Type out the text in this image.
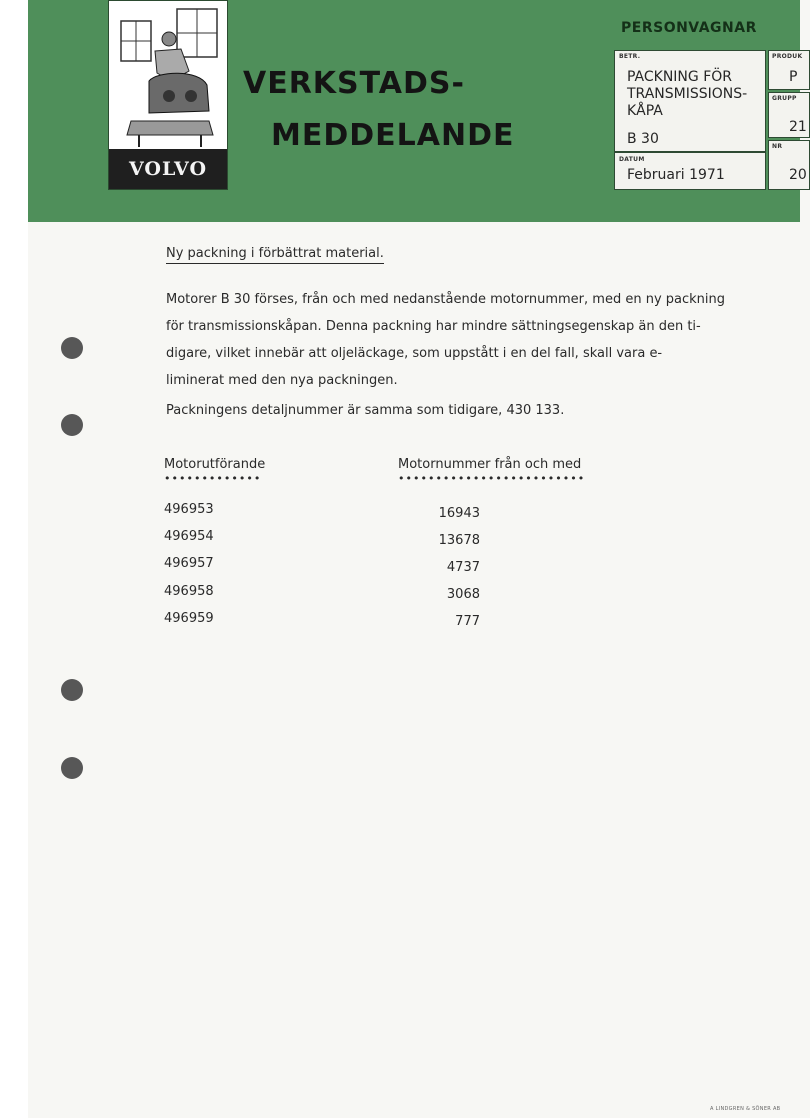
VOLVO
VERKSTADS-
MEDDELANDE
PERSONVAGNAR
BETR.
PACKNING FÖR
TRANSMISSIONS-
KÅPA
B 30
DATUM
Februari 1971
PRODUK
P
GRUPP
21
NR
20
Ny packning i förbättrat material.
Motorer B 30 förses, från och med nedanstående motornummer, med en ny packning
för transmissionskåpan. Denna packning har mindre sättningsegenskap än den ti-
digare, vilket innebär att oljeläckage, som uppstått i en del fall, skall vara e-
liminerat med den nya packningen.
Packningens detaljnummer är samma som tidigare, 430 133.
Motorutförande
•••••••••••••
Motornummer från och med
•••••••••••••••••••••••••
496953	16943
496954	13678
496957	4737
496958	3068
496959	777
A LINDGREN & SÖNER AB
